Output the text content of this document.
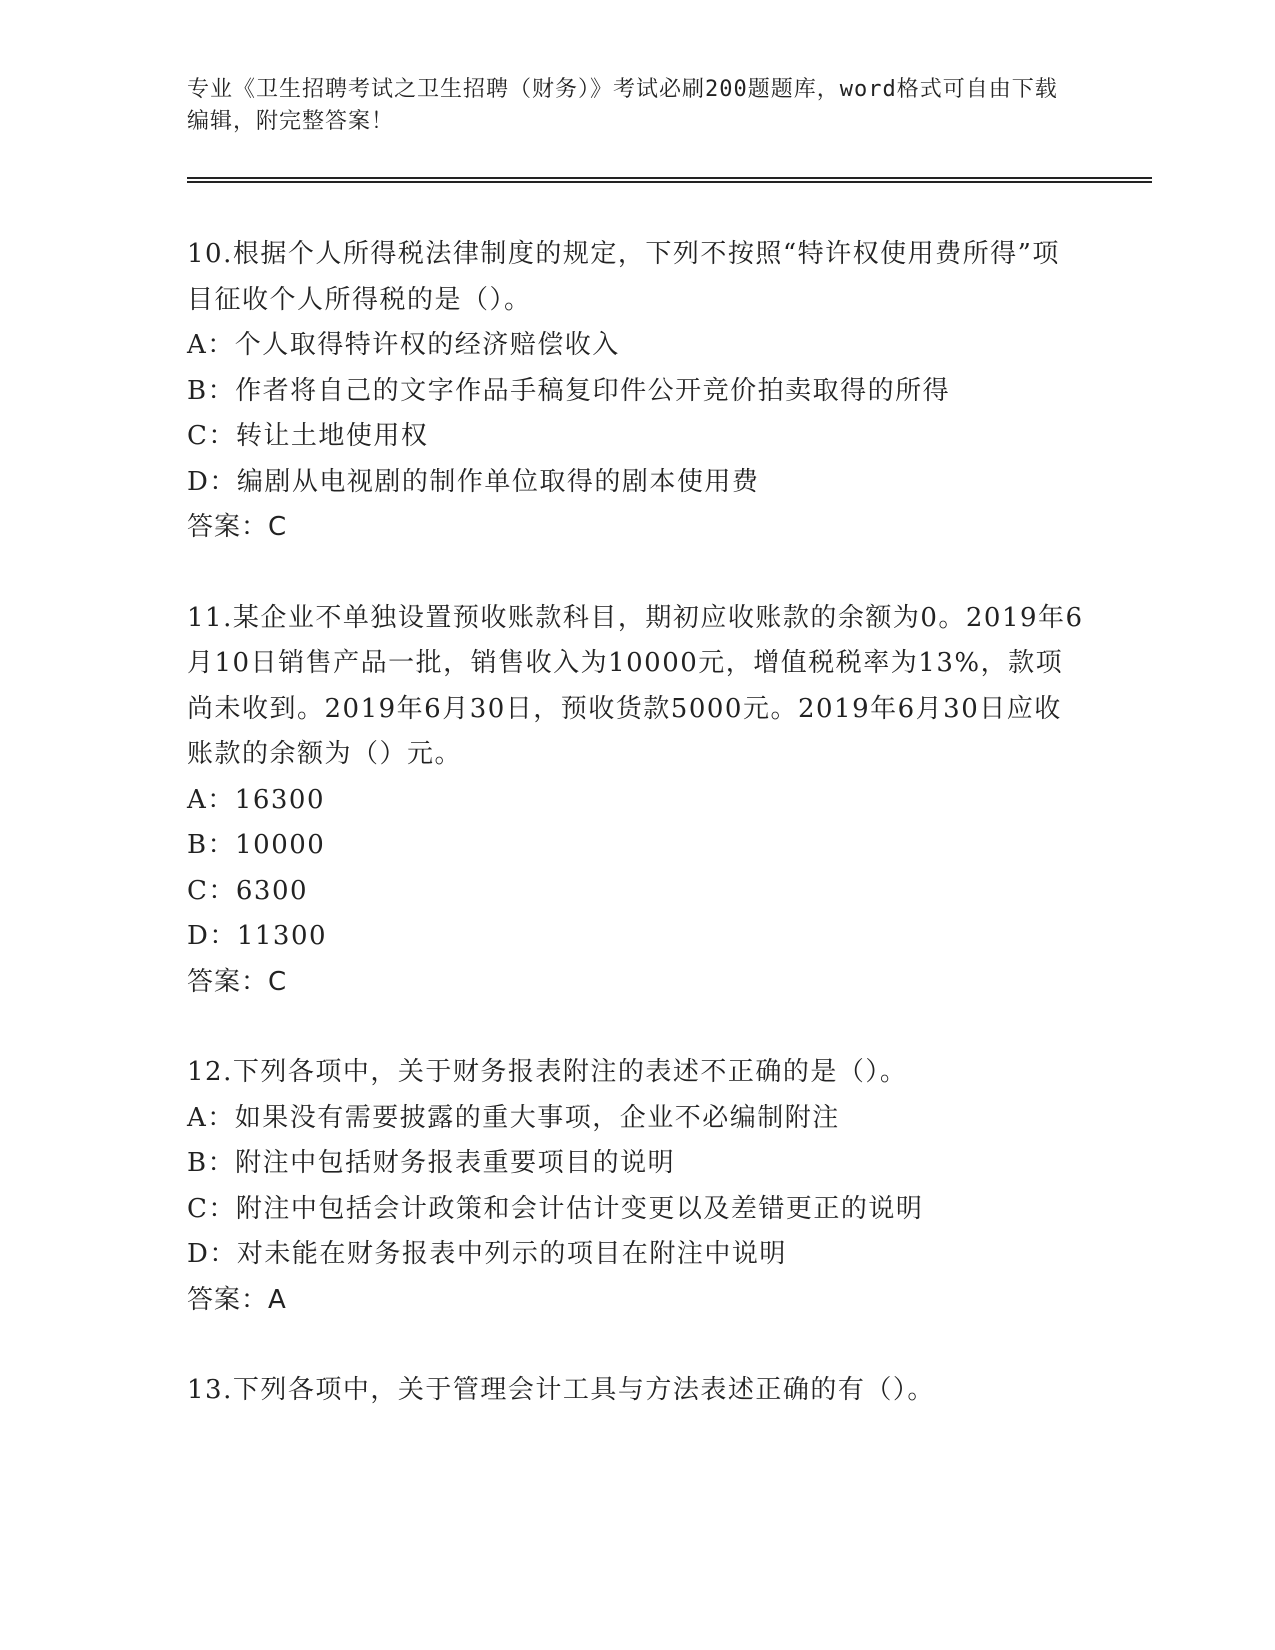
专业《卫生招聘考试之卫生招聘（财务）》考试必刷200题题库，word格式可自由下载编辑，附完整答案！

10.根据个人所得税法律制度的规定，下列不按照“特许权使用费所得”项目征收个人所得税的是（）。

A：个人取得特许权的经济赔偿收入

B：作者将自己的文字作品手稿复印件公开竞价拍卖取得的所得

C：转让土地使用权

D：编剧从电视剧的制作单位取得的剧本使用费

答案：C

11.某企业不单独设置预收账款科目，期初应收账款的余额为0。2019年6月10日销售产品一批，销售收入为10000元，增值税税率为13%，款项尚未收到。2019年6月30日，预收货款5000元。2019年6月30日应收账款的余额为（）元。

A：16300

B：10000

C：6300

D：11300

答案：C

12.下列各项中，关于财务报表附注的表述不正确的是（）。

A：如果没有需要披露的重大事项，企业不必编制附注

B：附注中包括财务报表重要项目的说明

C：附注中包括会计政策和会计估计变更以及差错更正的说明

D：对未能在财务报表中列示的项目在附注中说明

答案：A

13.下列各项中，关于管理会计工具与方法表述正确的有（）。
